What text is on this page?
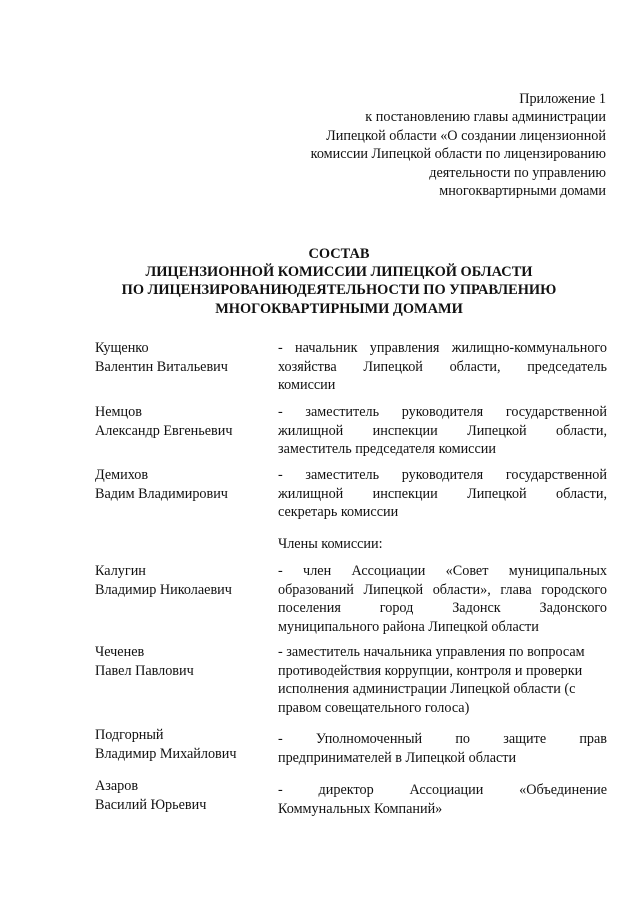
Приложение 1
к постановлению главы администрации
Липецкой области «О создании лицензионной
комиссии Липецкой области по лицензированию
деятельности по управлению
многоквартирными домами
СОСТАВ
ЛИЦЕНЗИОННОЙ КОМИССИИ ЛИПЕЦКОЙ ОБЛАСТИ
ПО ЛИЦЕНЗИРОВАНИЮДЕЯТЕЛЬНОСТИ ПО УПРАВЛЕНИЮ
МНОГОКВАРТИРНЫМИ ДОМАМИ
Кущенко
Валентин Витальевич
- начальник управления жилищно-коммунального
хозяйства Липецкой области, председатель
комиссии
Немцов
Александр Евгеньевич
- заместитель руководителя государственной
жилищной инспекции Липецкой области,
заместитель председателя комиссии
Демихов
Вадим Владимирович
- заместитель руководителя государственной
жилищной инспекции Липецкой области,
секретарь комиссии
Члены комиссии:
Калугин
Владимир Николаевич
- член Ассоциации «Совет муниципальных
образований Липецкой области», глава городского
поселения город Задонск Задонского
муниципального района Липецкой области
Чеченев
Павел Павлович
- заместитель начальника управления по вопросам
противодействия коррупции, контроля и проверки
исполнения администрации Липецкой области (с
правом совещательного голоса)
Подгорный
Владимир Михайлович
- Уполномоченный по защите прав
предпринимателей в Липецкой области
Азаров
Василий Юрьевич
- директор Ассоциации «Объединение
Коммунальных Компаний»
